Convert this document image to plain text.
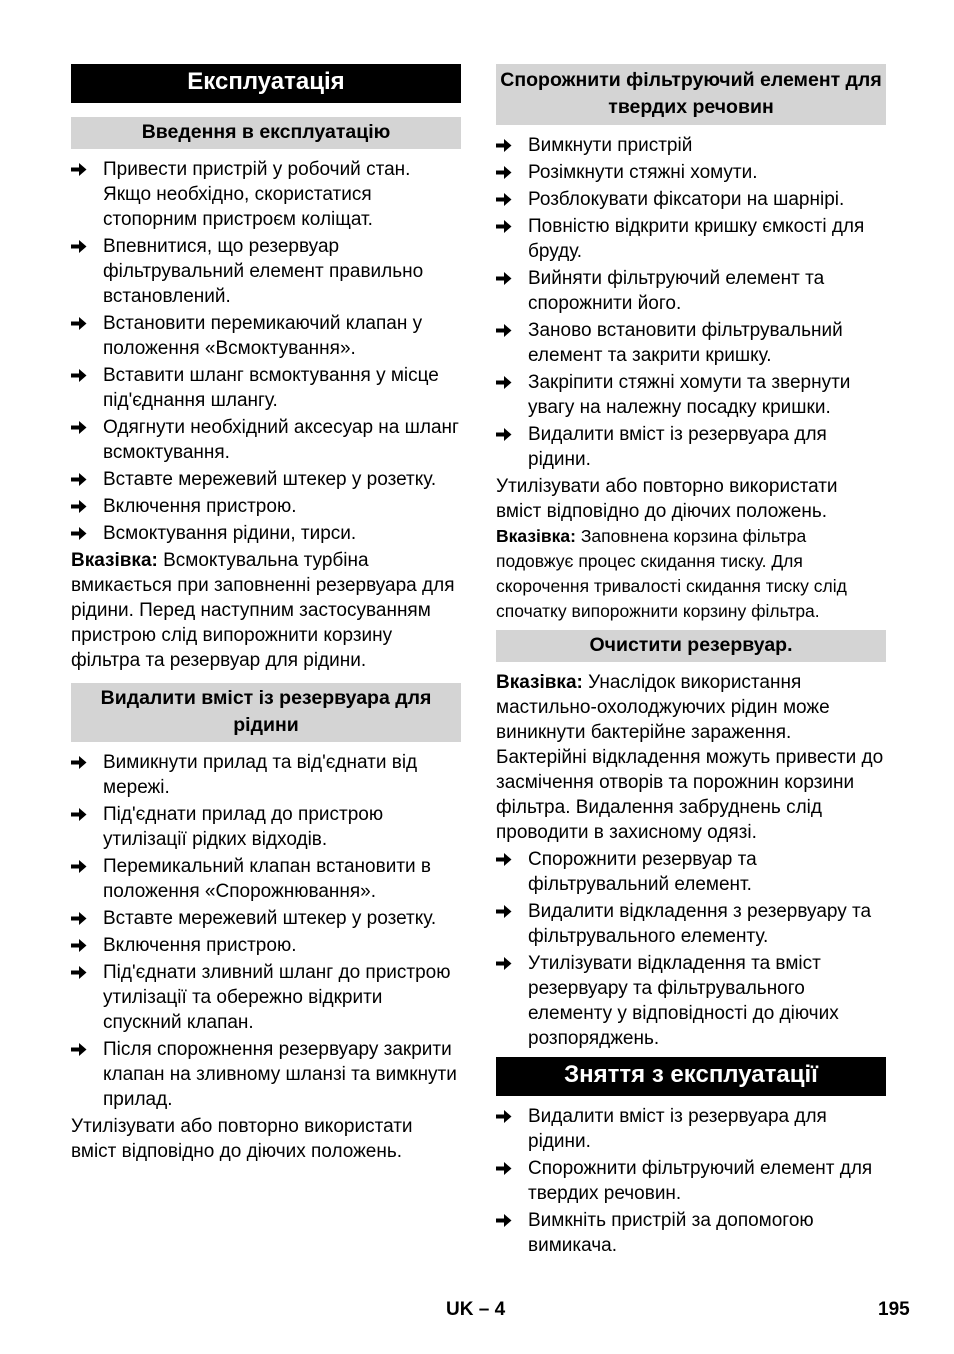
Експлуатація
Введення в експлуатацію
Привести пристрій у робочий стан. Якщо необхідно, скористатися стопорним пристроєм коліщат.
Впевнитися, що резервуар фільтрувальний елемент правильно встановлений.
Встановити перемикаючий клапан у положення «Всмоктування».
Вставити шланг всмоктування у місце під'єднання шлангу.
Одягнути необхідний аксесуар на шланг всмоктування.
Вставте мережевий штекер у розетку.
Включення пристрою.
Всмоктування рідини, тирси.
Вказівка: Всмоктувальна турбіна вмикається при заповненні резервуара для рідини. Перед наступним застосуванням пристрою слід випорожнити корзину фільтра та резервуар для рідини.
Видалити вміст із резервуара для рідини
Вимикнути прилад та від'єднати від мережі.
Під'єднати прилад до пристрою утилізації рідких відходів.
Перемикальний клапан встановити в положення «Спорожнювання».
Вставте мережевий штекер у розетку.
Включення пристрою.
Під'єднати зливний шланг до пристрою утилізації та обережно відкрити спускний клапан.
Після спорожнення резервуару закрити клапан на зливному шланзі та вимкнути прилад.
Утилізувати або повторно використати вміст відповідно до діючих положень.
Спорожнити фільтруючий елемент для твердих речовин
Вимкнути пристрій
Розімкнути стяжні хомути.
Розблокувати фіксатори на шарнірі.
Повністю відкрити кришку ємкості для бруду.
Вийняти фільтруючий елемент та спорожнити його.
Заново встановити фільтрувальний елемент та закрити кришку.
Закріпити стяжні хомути та звернути увагу на належну посадку кришки.
Видалити вміст із резервуара для рідини.
Утилізувати або повторно використати вміст відповідно до діючих положень.
Вказівка: Заповнена корзина фільтра подовжує процес скидання тиску. Для скорочення тривалості скидання тиску слід спочатку випорожнити корзину фільтра.
Очистити резервуар.
Вказівка: Унаслідок використання мастильно-охолоджуючих рідин може виникнути бактерійне зараження. Бактерійні відкладення можуть привести до засмічення отворів та порожнин корзини фільтра. Видалення забруднень слід проводити в захисному одязі.
Спорожнити резервуар та фільтрувальний елемент.
Видалити відкладення з резервуару та фільтрувального елементу.
Утилізувати відкладення та вміст резервуару та фільтрувального елементу у відповідності до діючих розпоряджень.
Зняття з експлуатації
Видалити вміст із резервуара для рідини.
Спорожнити фільтруючий елемент для твердих речовин.
Вимкніть пристрій за допомогою вимикача.
UK – 4	195
